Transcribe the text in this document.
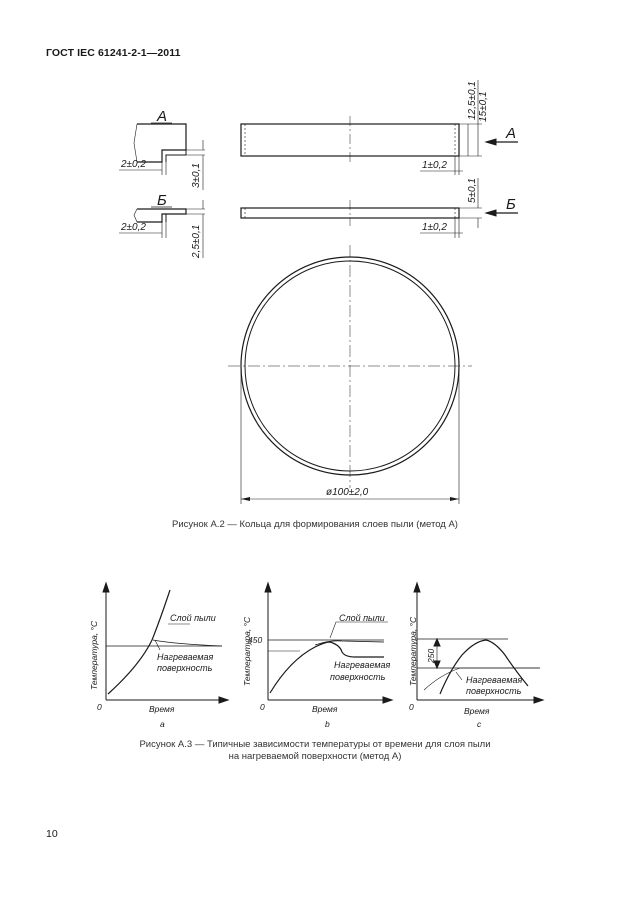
ГОСТ IEC 61241-2-1—2011
А
Б
2±0,2	3±0,1
2±0,2	2,5±0,1
1±0,2
12,5±0,1 15±0,1
А
1±0,2
5±0,1
Б
ø100±2,0
Температура, °C
0	Время
а
Слой пыли
Нагреваемая
поверхность	Температура, °C
0
450
Время
b
Слой пыли
Нагреваемая
поверхность	Температура, °C
0
250
Время
с
Нагреваемая
поверхность
Рисунок А.2 — Кольца для формирования слоев пыли (метод А)
Рисунок А.3 — Типичные зависимости температуры от времени для слоя пыли
на нагреваемой поверхности (метод А)
10
